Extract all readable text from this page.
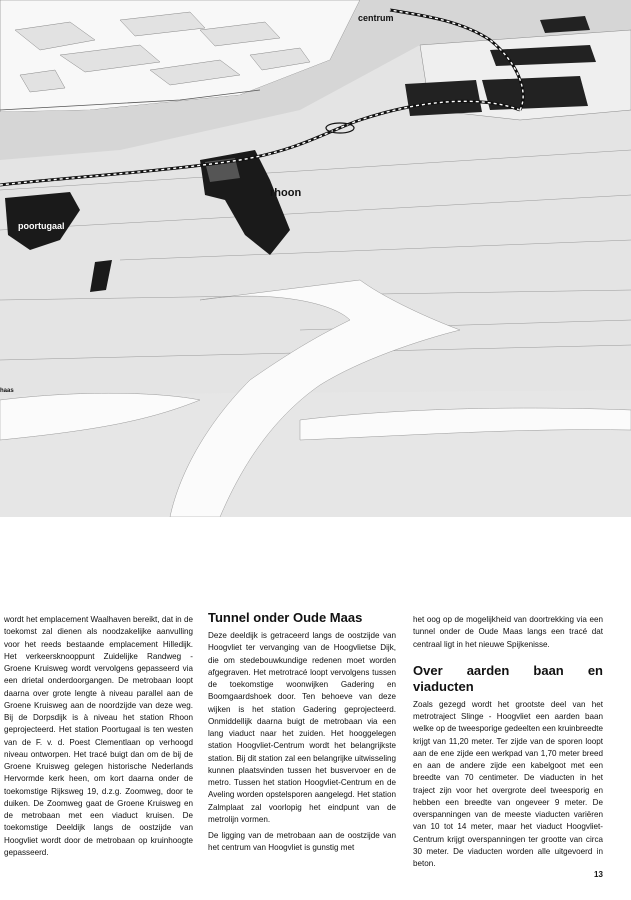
centrum
rhoon
poortugaal
haas

wordt het emplacement Waalhaven bereikt, dat in de toekomst zal dienen als noodzakelijke aanvulling voor het reeds bestaande emplacement Hilledijk. Het verkeersknooppunt Zuidelijke Randweg - Groene Kruisweg wordt vervolgens gepasseerd via een drietal onderdoorgangen. De metrobaan loopt daarna over grote lengte à niveau parallel aan de Groene Kruisweg aan de noordzijde van deze weg. Bij de Dorpsdijk is à niveau het station Rhoon geprojecteerd. Het station Poortugaal is ten westen van de F. v. d. Poest Clementlaan op verhoogd niveau ontworpen. Het tracé buigt dan om de bij de Groene Kruisweg gelegen historische Nederlands Hervormde kerk heen, om kort daarna onder de toekomstige Rijksweg 19, d.z.g. Zoomweg, door te duiken. De Zoomweg gaat de Groene Kruisweg en de metrobaan met een viaduct kruisen. De toekomstige Deeldijk langs de oostzijde van Hoogvliet wordt door de metrobaan op kruinhoogte gepasseerd.

Tunnel onder Oude Maas

Deze deeldijk is getraceerd langs de oostzijde van Hoogvliet ter vervanging van de Hoogvlietse Dijk, die om stedebouwkundige redenen moet worden afgegraven. Het metrotracé loopt vervolgens tussen de toekomstige woonwijken Gadering en Boomgaardshoek door. Ten behoeve van deze wijken is het station Gadering geprojecteerd. Onmiddellijk daarna buigt de metrobaan via een lang viaduct naar het zuiden. Het hooggelegen station Hoogvliet-Centrum wordt het belangrijkste station. Bij dit station zal een belangrijke uitwisseling kunnen plaatsvinden tussen het busvervoer en de metro. Tussen het station Hoogvliet-Centrum en de Aveling worden opstelsporen aangelegd. Het station Zalmplaat zal voorlopig het eindpunt van de metrolijn vormen.

De ligging van de metrobaan aan de oostzijde van het centrum van Hoogvliet is gunstig met

het oog op de mogelijkheid van doortrekking via een tunnel onder de Oude Maas langs een tracé dat centraal ligt in het nieuwe Spijkenisse.

Over aarden baan en viaducten

Zoals gezegd wordt het grootste deel van het metrotraject Slinge - Hoogvliet een aarden baan welke op de tweesporige gedeelten een kruinbreedte krijgt van 11,20 meter. Ter zijde van de sporen loopt aan de ene zijde een werkpad van 1,70 meter breed en aan de andere zijde een kabelgoot met een breedte van 70 centimeter. De viaducten in het traject zijn voor het overgrote deel tweesporig en hebben een breedte van ongeveer 9 meter. De overspanningen van de meeste viaducten variëren van 10 tot 14 meter, maar het viaduct Hoogvliet-Centrum krijgt overspanningen ter grootte van circa 30 meter. De viaducten worden alle uitgevoerd in beton.

13
